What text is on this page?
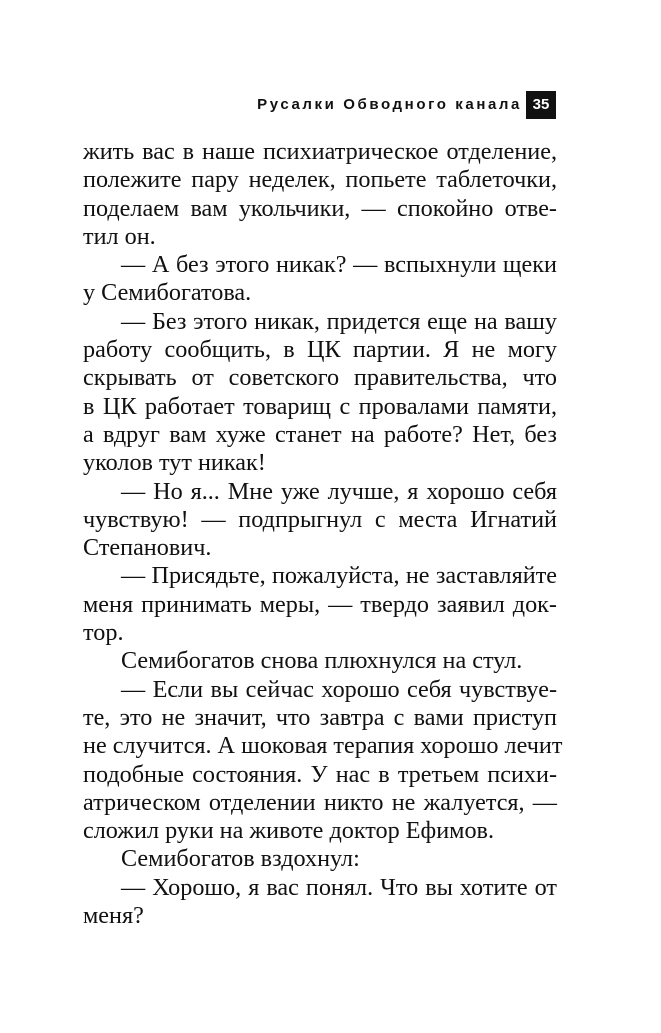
Русалки Обводного канала 35
жить вас в наше психиатрическое отделение,
полежите пару неделек, попьете таблеточки,
поделаем вам укольчики, — спокойно отве-
тил он.
— А без этого никак? — вспыхнули щеки
у Семибогатова.
— Без этого никак, придется еще на вашу
работу сообщить, в ЦК партии. Я не могу
скрывать от советского правительства, что
в ЦК работает товарищ с провалами памяти,
а вдруг вам хуже станет на работе? Нет, без
уколов тут никак!
— Но я... Мне уже лучше, я хорошо себя
чувствую! — подпрыгнул с места Игнатий
Степанович.
— Присядьте, пожалуйста, не заставляйте
меня принимать меры, — твердо заявил док-
тор.
Семибогатов снова плюхнулся на стул.
— Если вы сейчас хорошо себя чувствуе-
те, это не значит, что завтра с вами приступ
не случится. А шоковая терапия хорошо лечит
подобные состояния. У нас в третьем психи-
атрическом отделении никто не жалуется, —
сложил руки на животе доктор Ефимов.
Семибогатов вздохнул:
— Хорошо, я вас понял. Что вы хотите от
меня?
